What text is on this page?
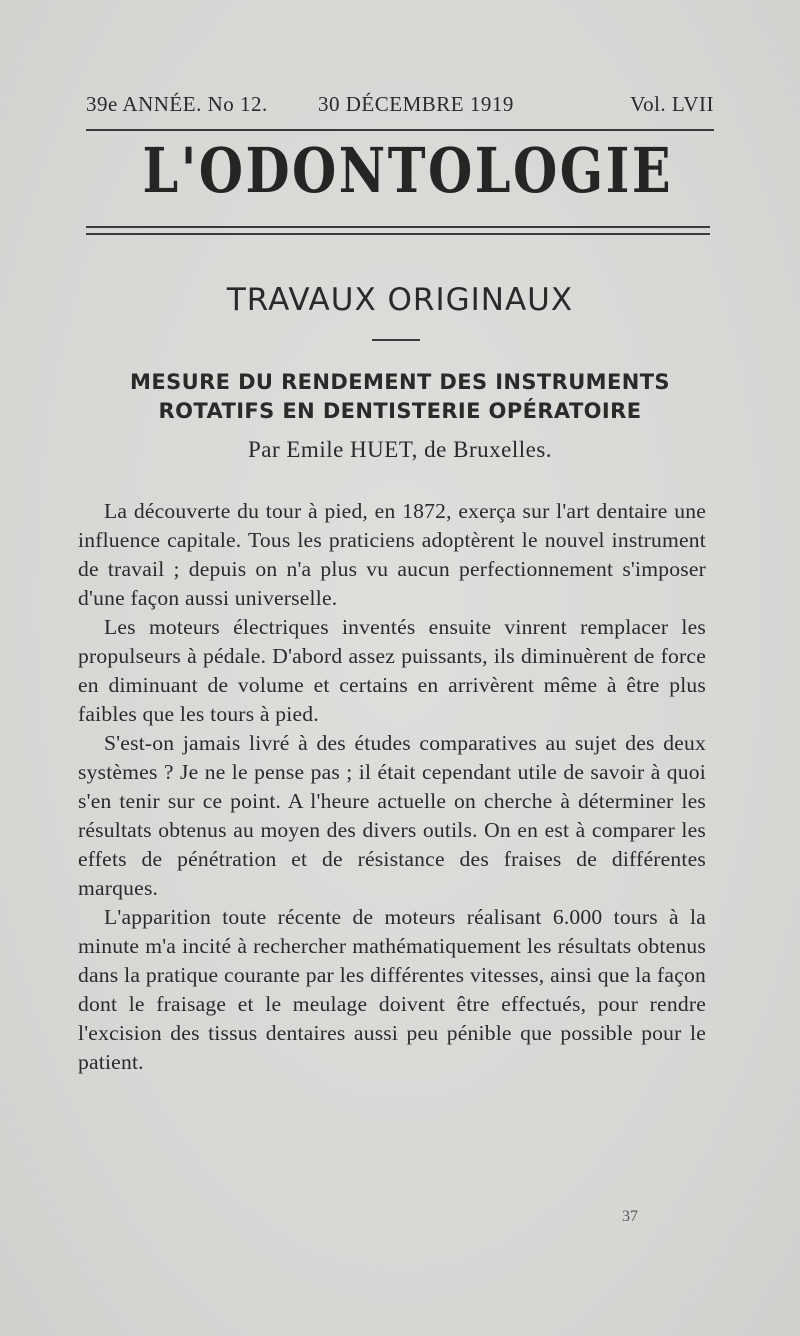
39e ANNÉE. No 12. 30 DÉCEMBRE 1919	Vol. LVII
L'ODONTOLOGIE
TRAVAUX ORIGINAUX
MESURE DU RENDEMENT DES INSTRUMENTS
ROTATIFS EN DENTISTERIE OPÉRATOIRE
Par Emile HUET, de Bruxelles.

La découverte du tour à pied, en 1872, exerça sur l'art dentaire une influence capitale. Tous les praticiens adoptèrent le nouvel instrument de travail ; depuis on n'a plus vu aucun perfectionnement s'imposer d'une façon aussi universelle.

Les moteurs électriques inventés ensuite vinrent remplacer les propulseurs à pédale. D'abord assez puissants, ils diminuèrent de force en diminuant de volume et certains en arrivèrent même à être plus faibles que les tours à pied.

S'est-on jamais livré à des études comparatives au sujet des deux systèmes ? Je ne le pense pas ; il était cependant utile de savoir à quoi s'en tenir sur ce point. A l'heure actuelle on cherche à déterminer les résultats obtenus au moyen des divers outils. On en est à comparer les effets de pénétration et de résistance des fraises de différentes marques.

L'apparition toute récente de moteurs réalisant 6.000 tours à la minute m'a incité à rechercher mathématiquement les résultats obtenus dans la pratique courante par les différentes vitesses, ainsi que la façon dont le fraisage et le meulage doivent être effectués, pour rendre l'excision des tissus dentaires aussi peu pénible que possible pour le patient.

37
